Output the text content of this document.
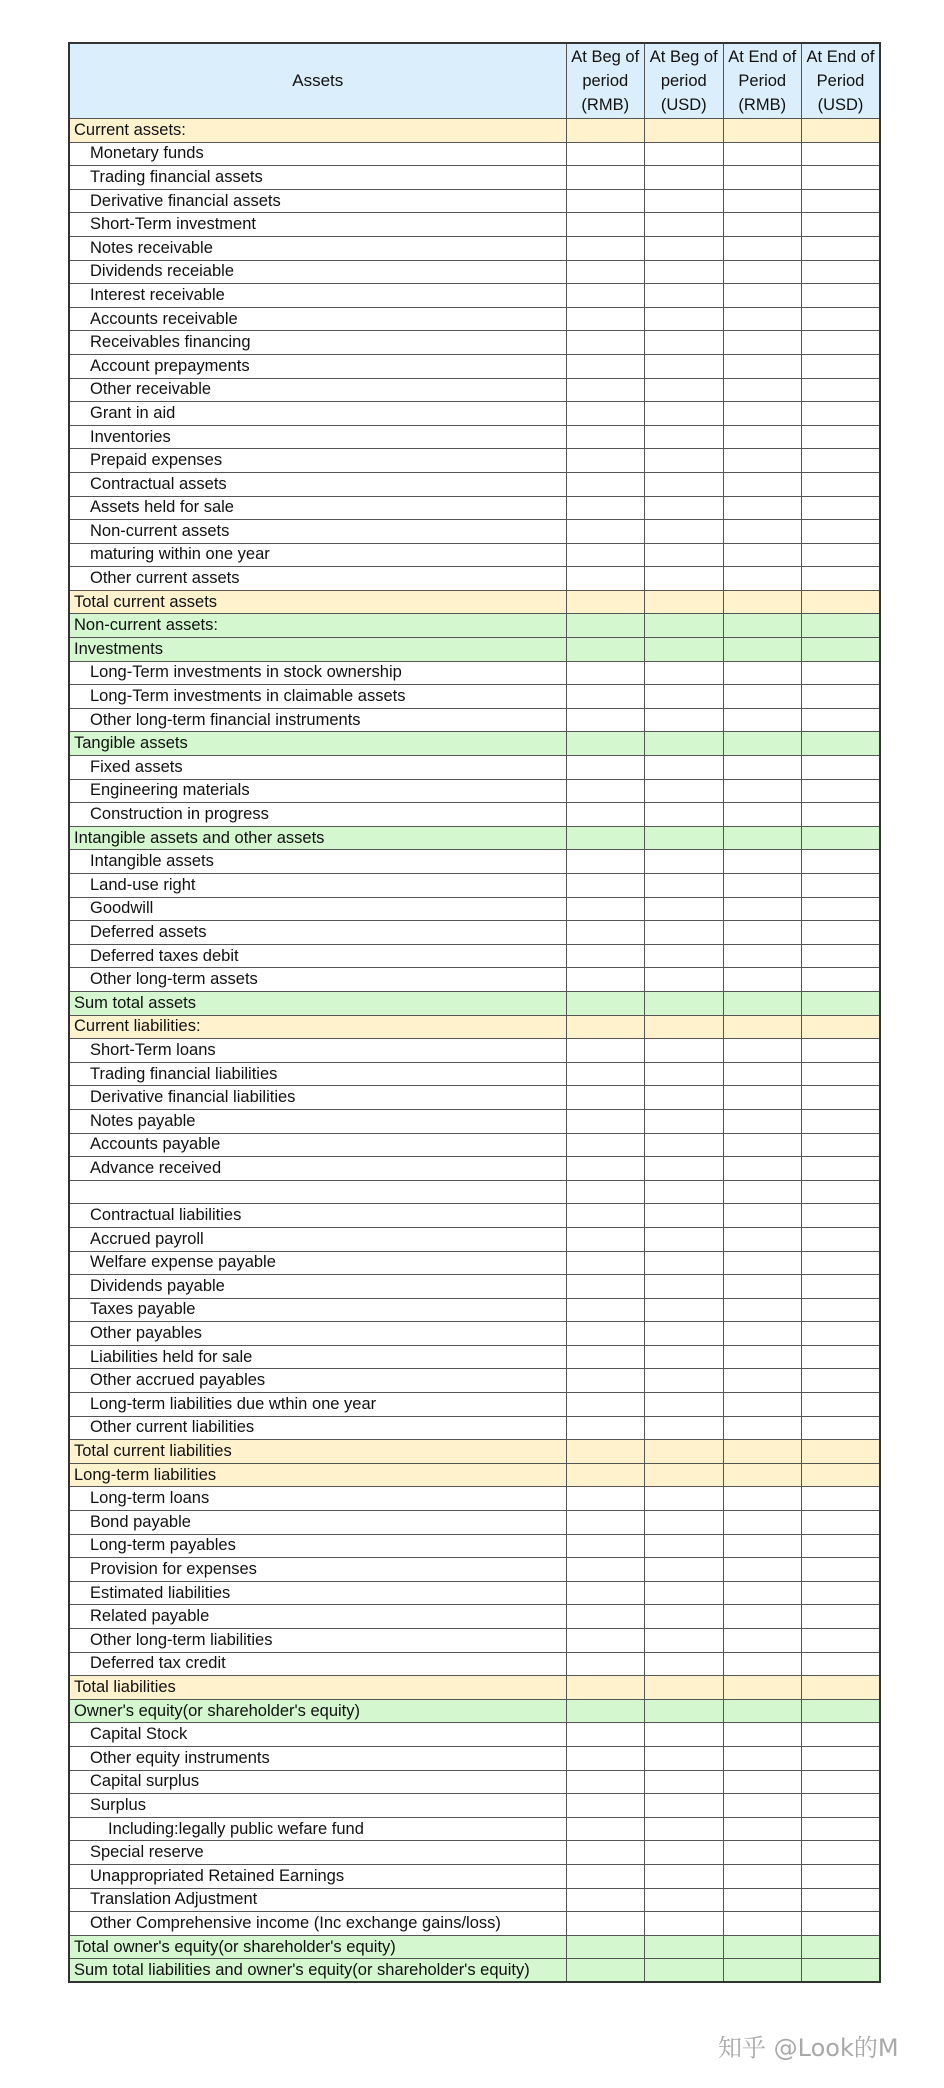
Assets	At Beg of period (RMB)	At Beg of period (USD)	At End of Period (RMB)	At End of Period (USD)
Current assets:				
Monetary funds				
Trading financial assets				
Derivative financial assets				
Short-Term investment				
Notes receivable				
Dividends receiable				
Interest receivable				
Accounts receivable				
Receivables financing				
Account prepayments				
Other receivable				
Grant in aid				
Inventories				
Prepaid expenses				
Contractual assets				
Assets held for sale				
Non-current assets				
maturing within one year				
Other current assets				
Total current assets				
Non-current assets:				
Investments				
Long-Term investments in stock ownership				
Long-Term investments in claimable assets				
Other long-term financial instruments				
Tangible assets				
Fixed assets				
Engineering materials				
Construction in progress				
Intangible assets and other assets				
Intangible assets				
Land-use right				
Goodwill				
Deferred assets				
Deferred taxes debit				
Other long-term assets				
Sum total assets				
Current liabilities:				
Short-Term loans				
Trading financial liabilities				
Derivative financial liabilities				
Notes payable				
Accounts payable				
Advance received				

Contractual liabilities				
Accrued payroll				
Welfare expense payable				
Dividends payable				
Taxes payable				
Other payables				
Liabilities held for sale				
Other accrued payables				
Long-term liabilities due wthin one year				
Other current liabilities				
Total current liabilities				
Long-term liabilities				
Long-term loans				
Bond payable				
Long-term payables				
Provision for expenses				
Estimated liabilities				
Related payable				
Other long-term liabilities				
Deferred tax credit				
Total liabilities				
Owner's equity(or shareholder's equity)				
Capital Stock				
Other equity instruments				
Capital surplus				
Surplus				
Including:legally public wefare fund				
Special reserve				
Unappropriated Retained Earnings				
Translation Adjustment				
Other Comprehensive income (Inc exchange gains/loss)				
Total owner's equity(or shareholder's equity)				
Sum total liabilities and owner's equity(or shareholder's equity)				
知乎 @Look的M
